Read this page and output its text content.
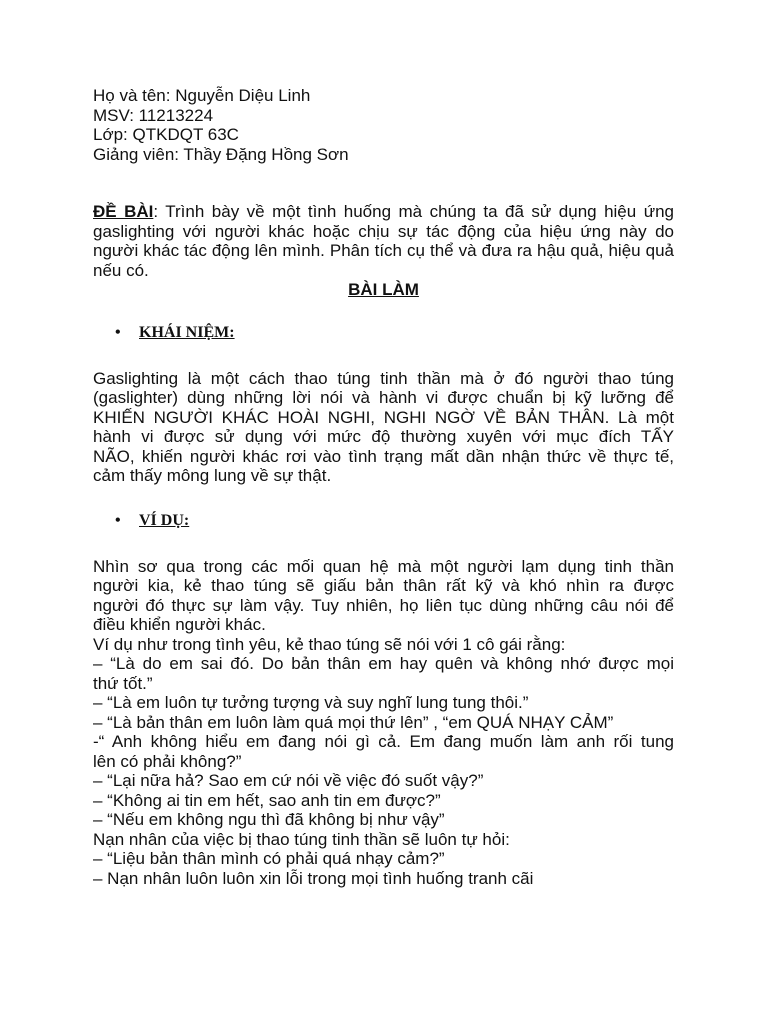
Họ và tên: Nguyễn Diệu Linh
MSV: 11213224
Lớp: QTKDQT 63C
Giảng viên: Thầy Đặng Hồng Sơn
ĐỀ BÀI: Trình bày về một tình huống mà chúng ta đã sử dụng hiệu ứng gaslighting với người khác hoặc chịu sự tác động của hiệu ứng này do người khác tác động lên mình. Phân tích cụ thể và đưa ra hậu quả, hiệu quả nếu có.
BÀI LÀM
• KHÁI NIỆM:
Gaslighting là một cách thao túng tinh thần mà ở đó người thao túng
(gaslighter) dùng những lời nói và hành vi được chuẩn bị kỹ lưỡng để
KHIẾN NGƯỜI KHÁC HOÀI NGHI, NGHI NGỜ VỀ BẢN THÂN. Là một
hành vi được sử dụng với mức độ thường xuyên với mục đích TẨY
NÃO, khiến người khác rơi vào tình trạng mất dần nhận thức về thực tế,
cảm thấy mông lung về sự thật.
• VÍ DỤ:
Nhìn sơ qua trong các mối quan hệ mà một người lạm dụng tinh thần
người kia, kẻ thao túng sẽ giấu bản thân rất kỹ và khó nhìn ra được
người đó thực sự làm vậy. Tuy nhiên, họ liên tục dùng những câu nói để
điều khiển người khác.
Ví dụ như trong tình yêu, kẻ thao túng sẽ nói với 1 cô gái rằng:
– “Là do em sai đó. Do bản thân em hay quên và không nhớ được mọi
thứ tốt.”
– “Là em luôn tự tưởng tượng và suy nghĩ lung tung thôi.”
– “Là bản thân em luôn làm quá mọi thứ lên” , “em QUÁ NHẠY CẢM”
-“ Anh không hiểu em đang nói gì cả. Em đang muốn làm anh rối tung
lên có phải không?”
– “Lại nữa hả? Sao em cứ nói về việc đó suốt vậy?”
– “Không ai tin em hết, sao anh tin em được?”
– “Nếu em không ngu thì đã không bị như vậy”
Nạn nhân của việc bị thao túng tinh thần sẽ luôn tự hỏi:
– “Liệu bản thân mình có phải quá nhạy cảm?”
– Nạn nhân luôn luôn xin lỗi trong mọi tình huống tranh cãi
